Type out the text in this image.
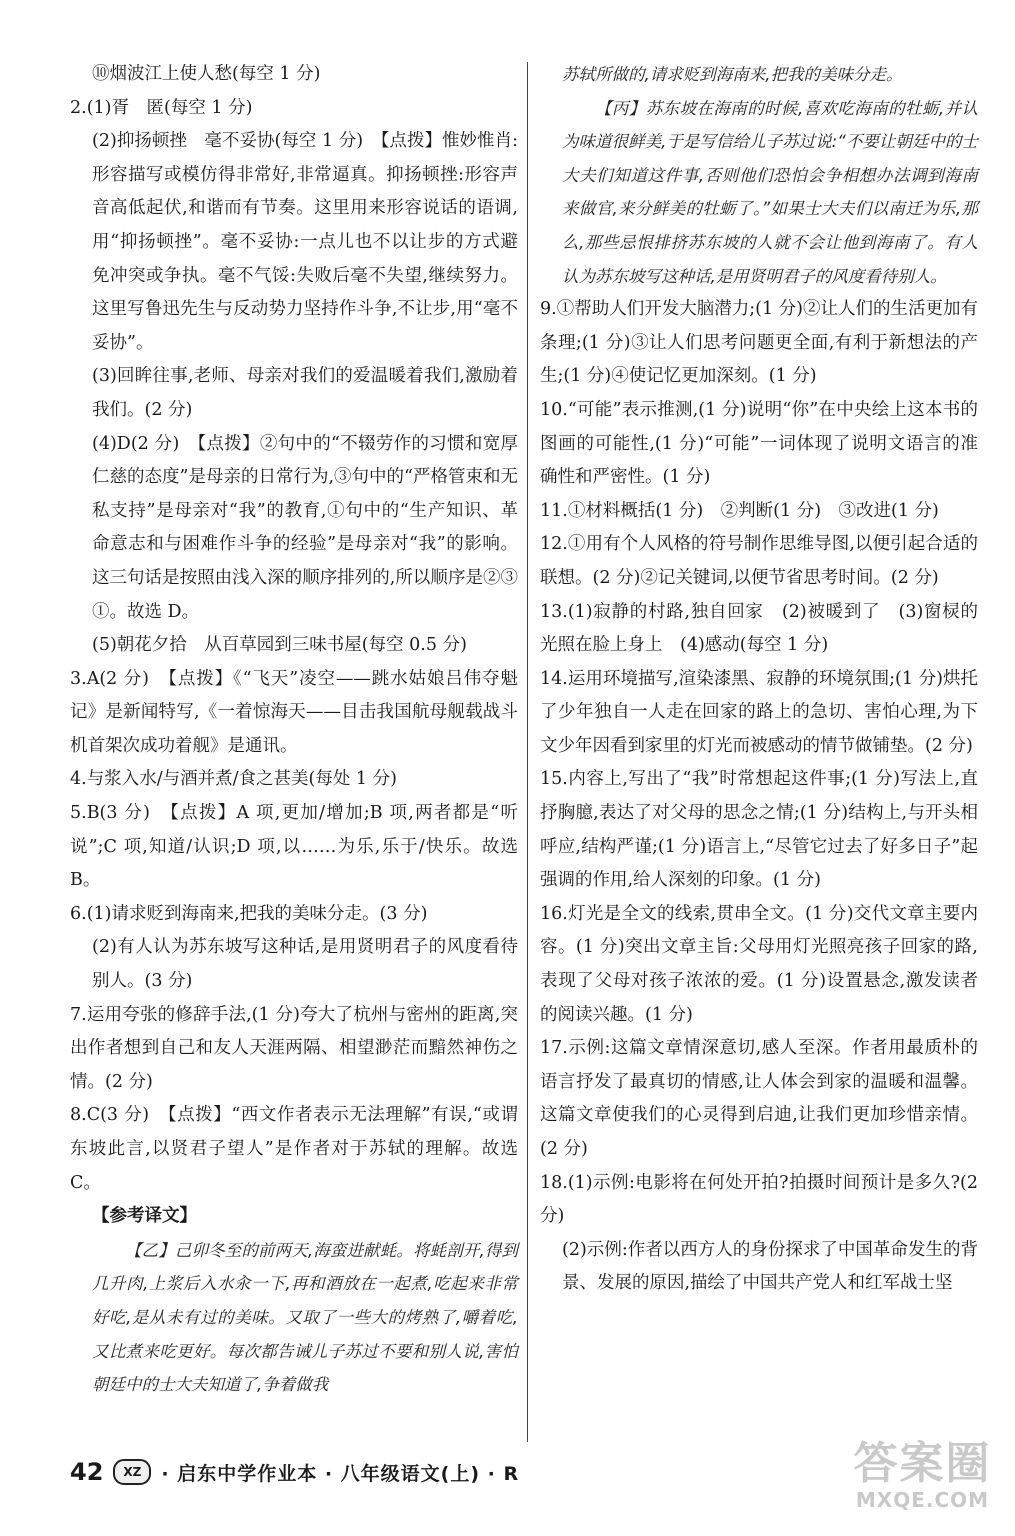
⑩烟波江上使人愁(每空 1 分)

2.(1)胥　匿(每空 1 分)

(2)抑扬顿挫　毫不妥协(每空 1 分)　【点拨】惟妙惟肖:形容描写或模仿得非常好,非常逼真。抑扬顿挫:形容声音高低起伏,和谐而有节奏。这里用来形容说话的语调,用“抑扬顿挫”。毫不妥协:一点儿也不以让步的方式避免冲突或争执。毫不气馁:失败后毫不失望,继续努力。这里写鲁迅先生与反动势力坚持作斗争,不让步,用“毫不妥协”。

(3)回眸往事,老师、母亲对我们的爱温暖着我们,激励着我们。(2 分)

(4)D(2 分)　【点拨】②句中的“不辍劳作的习惯和宽厚仁慈的态度”是母亲的日常行为,③句中的“严格管束和无私支持”是母亲对“我”的教育,①句中的“生产知识、革命意志和与困难作斗争的经验”是母亲对“我”的影响。这三句话是按照由浅入深的顺序排列的,所以顺序是②③①。故选 D。

(5)朝花夕拾　从百草园到三味书屋(每空 0.5 分)

3.A(2 分)　【点拨】《“飞天”凌空——跳水姑娘吕伟夺魁记》是新闻特写,《一着惊海天——目击我国航母舰载战斗机首架次成功着舰》是通讯。

4.与浆入水/与酒并煮/食之甚美(每处 1 分)

5.B(3 分)　【点拨】A 项,更加/增加;B 项,两者都是“听说”;C 项,知道/认识;D 项,以……为乐,乐于/快乐。故选 B。

6.(1)请求贬到海南来,把我的美味分走。(3 分)

(2)有人认为苏东坡写这种话,是用贤明君子的风度看待别人。(3 分)

7.运用夸张的修辞手法,(1 分)夸大了杭州与密州的距离,突出作者想到自己和友人天涯两隔、相望渺茫而黯然神伤之情。(2 分)

8.C(3 分)　【点拨】“西文作者表示无法理解”有误,“或谓东坡此言,以贤君子望人”是作者对于苏轼的理解。故选 C。

【参考译文】

【乙】己卯冬至的前两天,海蛮进献蚝。将蚝剖开,得到几升肉,上浆后入水汆一下,再和酒放在一起煮,吃起来非常好吃,是从未有过的美味。又取了一些大的烤熟了,嚼着吃,又比煮来吃更好。每次都告诫儿子苏过不要和别人说,害怕朝廷中的士大夫知道了,争着做我

苏轼所做的,请求贬到海南来,把我的美味分走。

【丙】苏东坡在海南的时候,喜欢吃海南的牡蛎,并认为味道很鲜美,于是写信给儿子苏过说:“不要让朝廷中的士大夫们知道这件事,否则他们恐怕会争相想办法调到海南来做官,来分鲜美的牡蛎了。”如果士大夫们以南迁为乐,那么,那些忌恨排挤苏东坡的人就不会让他到海南了。有人认为苏东坡写这种话,是用贤明君子的风度看待别人。

9.①帮助人们开发大脑潜力;(1 分)②让人们的生活更加有条理;(1 分)③让人们思考问题更全面,有利于新想法的产生;(1 分)④使记忆更加深刻。(1 分)

10.“可能”表示推测,(1 分)说明“你”在中央绘上这本书的图画的可能性,(1 分)“可能”一词体现了说明文语言的准确性和严密性。(1 分)

11.①材料概括(1 分)　②判断(1 分)　③改进(1 分)

12.①用有个人风格的符号制作思维导图,以便引起合适的联想。(2 分)②记关键词,以便节省思考时间。(2 分)

13.(1)寂静的村路,独自回家　(2)被暖到了　(3)窗棂的光照在脸上身上　(4)感动(每空 1 分)

14.运用环境描写,渲染漆黑、寂静的环境氛围;(1 分)烘托了少年独自一人走在回家的路上的急切、害怕心理,为下文少年因看到家里的灯光而被感动的情节做铺垫。(2 分)

15.内容上,写出了“我”时常想起这件事;(1 分)写法上,直抒胸臆,表达了对父母的思念之情;(1 分)结构上,与开头相呼应,结构严谨;(1 分)语言上,“尽管它过去了好多日子”起强调的作用,给人深刻的印象。(1 分)

16.灯光是全文的线索,贯串全文。(1 分)交代文章主要内容。(1 分)突出文章主旨:父母用灯光照亮孩子回家的路,表现了父母对孩子浓浓的爱。(1 分)设置悬念,激发读者的阅读兴趣。(1 分)

17.示例:这篇文章情深意切,感人至深。作者用最质朴的语言抒发了最真切的情感,让人体会到家的温暖和温馨。这篇文章使我们的心灵得到启迪,让我们更加珍惜亲情。(2 分)

18.(1)示例:电影将在何处开拍?拍摄时间预计是多久?(2 分)

(2)示例:作者以西方人的身份探求了中国革命发生的背景、发展的原因,描绘了中国共产党人和红军战士坚

42	XZ	· 启东中学作业本 · 八年级语文(上) · R	答案圈
MXQE.COM
